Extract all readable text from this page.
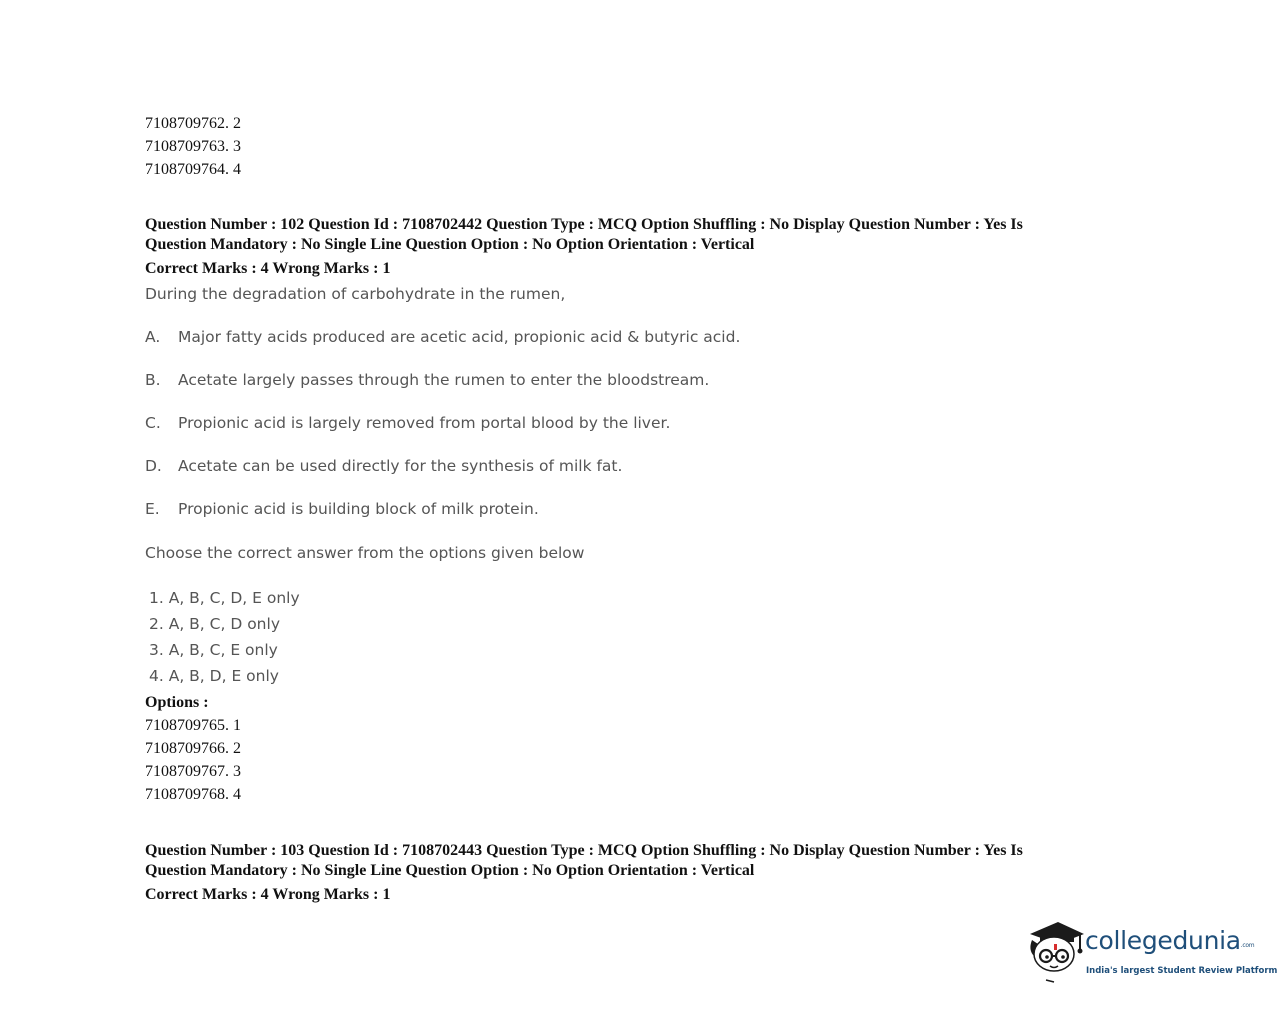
7108709762. 2
7108709763. 3
7108709764. 4
Question Number : 102 Question Id : 7108702442 Question Type : MCQ Option Shuffling : No Display Question Number : Yes Is
Question Mandatory : No Single Line Question Option : No Option Orientation : Vertical
Correct Marks : 4 Wrong Marks : 1
During the degradation of carbohydrate in the rumen,
A. Major fatty acids produced are acetic acid, propionic acid & butyric acid.
B. Acetate largely passes through the rumen to enter the bloodstream.
C. Propionic acid is largely removed from portal blood by the liver.
D. Acetate can be used directly for the synthesis of milk fat.
E. Propionic acid is building block of milk protein.
Choose the correct answer from the options given below
1. A, B, C, D, E only
2. A, B, C, D only
3. A, B, C, E only
4. A, B, D, E only
Options :
7108709765. 1
7108709766. 2
7108709767. 3
7108709768. 4
Question Number : 103 Question Id : 7108702443 Question Type : MCQ Option Shuffling : No Display Question Number : Yes Is
Question Mandatory : No Single Line Question Option : No Option Orientation : Vertical
Correct Marks : 4 Wrong Marks : 1
collegedunia.com
India's largest Student Review Platform
